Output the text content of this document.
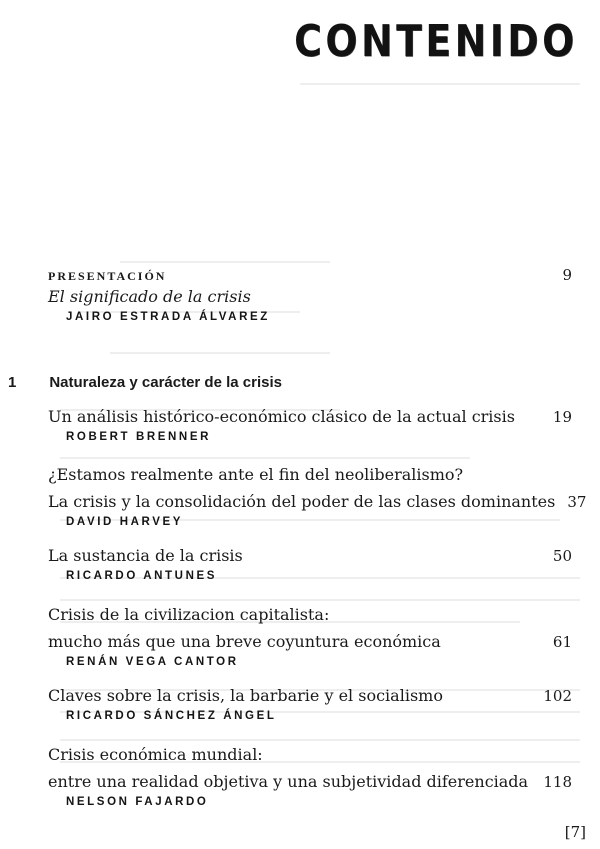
CONTENIDO
PRESENTACIÓN	9
El significado de la crisis
JAIRO ESTRADA ÁLVAREZ
1 Naturaleza y carácter de la crisis
Un análisis histórico-económico clásico de la actual crisis	19
ROBERT BRENNER
¿Estamos realmente ante el fin del neoliberalismo?
La crisis y la consolidación del poder de las clases dominantes 37
DAVID HARVEY
La sustancia de la crisis	50
RICARDO ANTUNES
Crisis de la civilizacion capitalista:
mucho más que una breve coyuntura económica	61
RENÁN VEGA CANTOR
Claves sobre la crisis, la barbarie y el socialismo	102
RICARDO SÁNCHEZ ÁNGEL
Crisis económica mundial:
entre una realidad objetiva y una subjetividad diferenciada	118
NELSON FAJARDO
[7]
